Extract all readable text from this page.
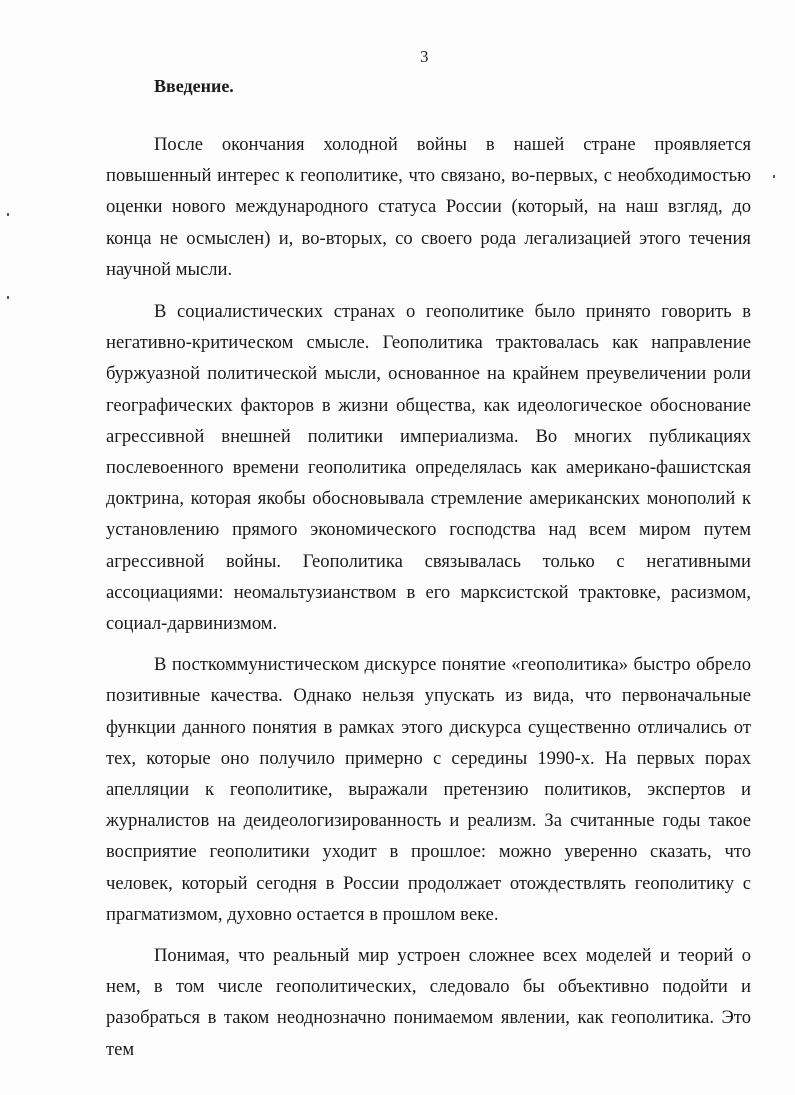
3
Введение.

После окончания холодной войны в нашей стране проявляется повышенный интерес к геополитике, что связано, во-первых, с необходимостью оценки нового международного статуса России (который, на наш взгляд, до конца не осмыслен) и, во-вторых, со своего рода легализацией этого течения научной мысли.

В социалистических странах о геополитике было принято говорить в негативно-критическом смысле. Геополитика трактовалась как направление буржуазной политической мысли, основанное на крайнем преувеличении роли географических факторов в жизни общества, как идеологическое обоснование агрессивной внешней политики империализма. Во многих публикациях послевоенного времени геополитика определялась как американо-фашистская доктрина, которая якобы обосновывала стремление американских монополий к установлению прямого экономического господства над всем миром путем агрессивной войны. Геополитика связывалась только с негативными ассоциациями: неомальтузианством в его марксистской трактовке, расизмом, социал-дарвинизмом.

В посткоммунистическом дискурсе понятие «геополитика» быстро обрело позитивные качества. Однако нельзя упускать из вида, что первоначальные функции данного понятия в рамках этого дискурса существенно отличались от тех, которые оно получило примерно с середины 1990-х. На первых порах апелляции к геополитике, выражали претензию политиков, экспертов и журналистов на деидеологизированность и реализм. За считанные годы такое восприятие геополитики уходит в прошлое: можно уверенно сказать, что человек, который сегодня в России продолжает отождествлять геополитику с прагматизмом, духовно остается в прошлом веке.

Понимая, что реальный мир устроен сложнее всех моделей и теорий о нем, в том числе геополитических, следовало бы объективно подойти и разобраться в таком неоднозначно понимаемом явлении, как геополитика. Это тем
